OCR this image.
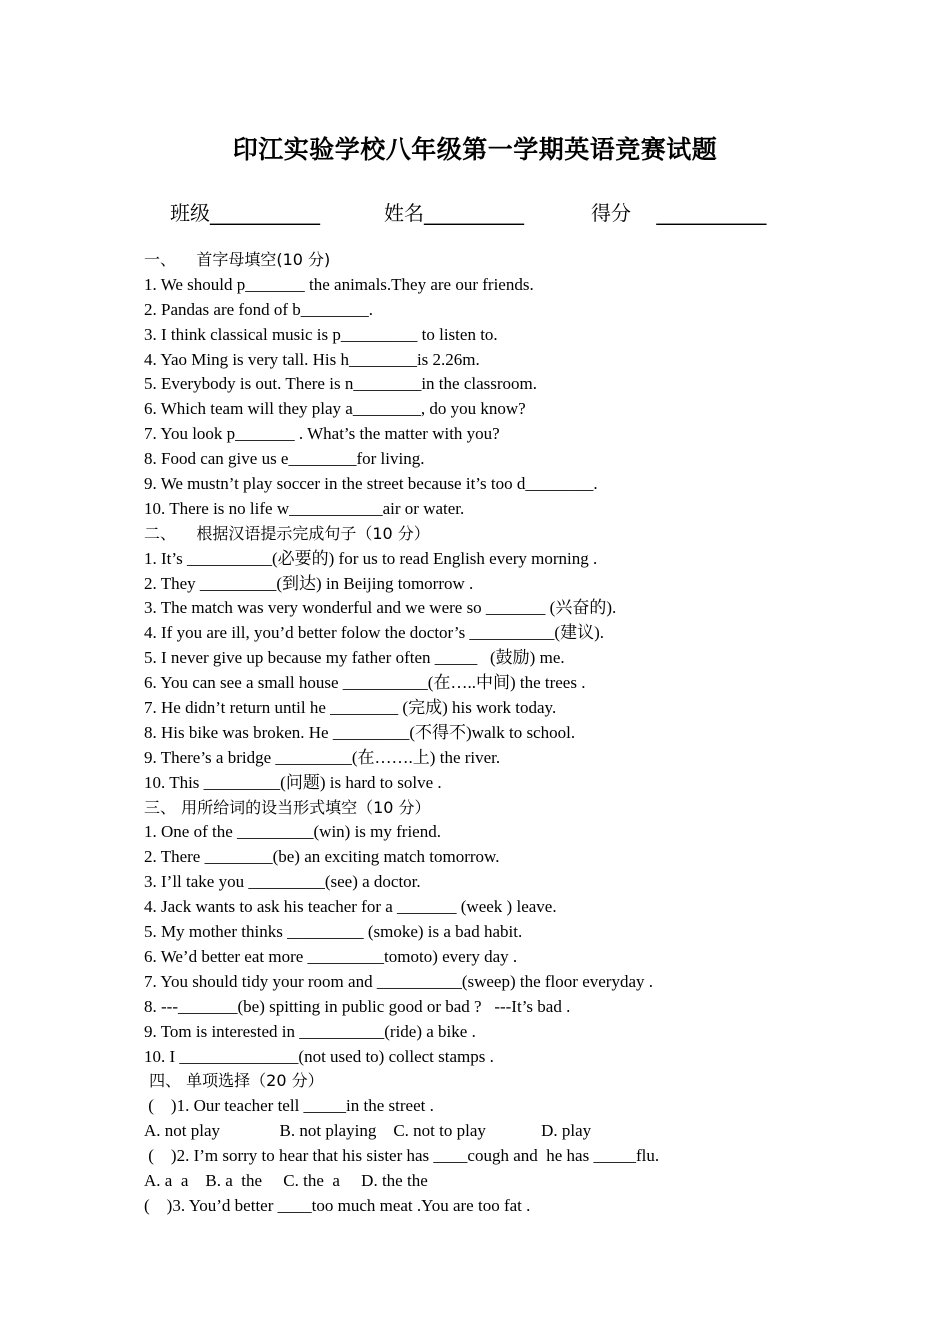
印江实验学校八年级第一学期英语竞赛试题
班级___________	姓名__________	得分    ___________
一、    首字母填空(10 分)
1. We should p_______ the animals.They are our friends.
2. Pandas are fond of b________.
3. I think classical music is p_________ to listen to.
4. Yao Ming is very tall. His h________is 2.26m.
5. Everybody is out. There is n________in the classroom.
6. Which team will they play a________, do you know?
7. You look p_______ . What’s the matter with you?
8. Food can give us e________for living.
9. We mustn’t play soccer in the street because it’s too d________.
10. There is no life w___________air or water.
二、    根据汉语提示完成句子（10 分）
1. It’s __________(必要的) for us to read English every morning .
2. They _________(到达) in Beijing tomorrow .
3. The match was very wonderful and we were so _______ (兴奋的).
4. If you are ill, you’d better folow the doctor’s __________(建议).
5. I never give up because my father often _____   (鼓励) me.
6. You can see a small house __________(在…..中间) the trees .
7. He didn’t return until he ________ (完成) his work today.
8. His bike was broken. He _________(不得不)walk to school.
9. There’s a bridge _________(在…….上) the river.
10. This _________(问题) is hard to solve .
三、 用所给词的设当形式填空（10 分）
1. One of the _________(win) is my friend.
2. There ________(be) an exciting match tomorrow.
3. I’ll take you _________(see) a doctor.
4. Jack wants to ask his teacher for a _______ (week ) leave.
5. My mother thinks _________ (smoke) is a bad habit.
6. We’d better eat more _________tomoto) every day .
7. You should tidy your room and __________(sweep) the floor everyday .
8. ---_______(be) spitting in public good or bad ?   ---It’s bad .
9. Tom is interested in __________(ride) a bike .
10. I ______________(not used to) collect stamps .
四、 单项选择（20 分）
(    )1. Our teacher tell _____in the street .
A. not play              B. not playing    C. not to play             D. play
(    )2. I’m sorry to hear that his sister has ____cough and  he has _____flu.
A. a  a    B. a  the     C. the  a     D. the the
(    )3. You’d better ____too much meat .You are too fat .
